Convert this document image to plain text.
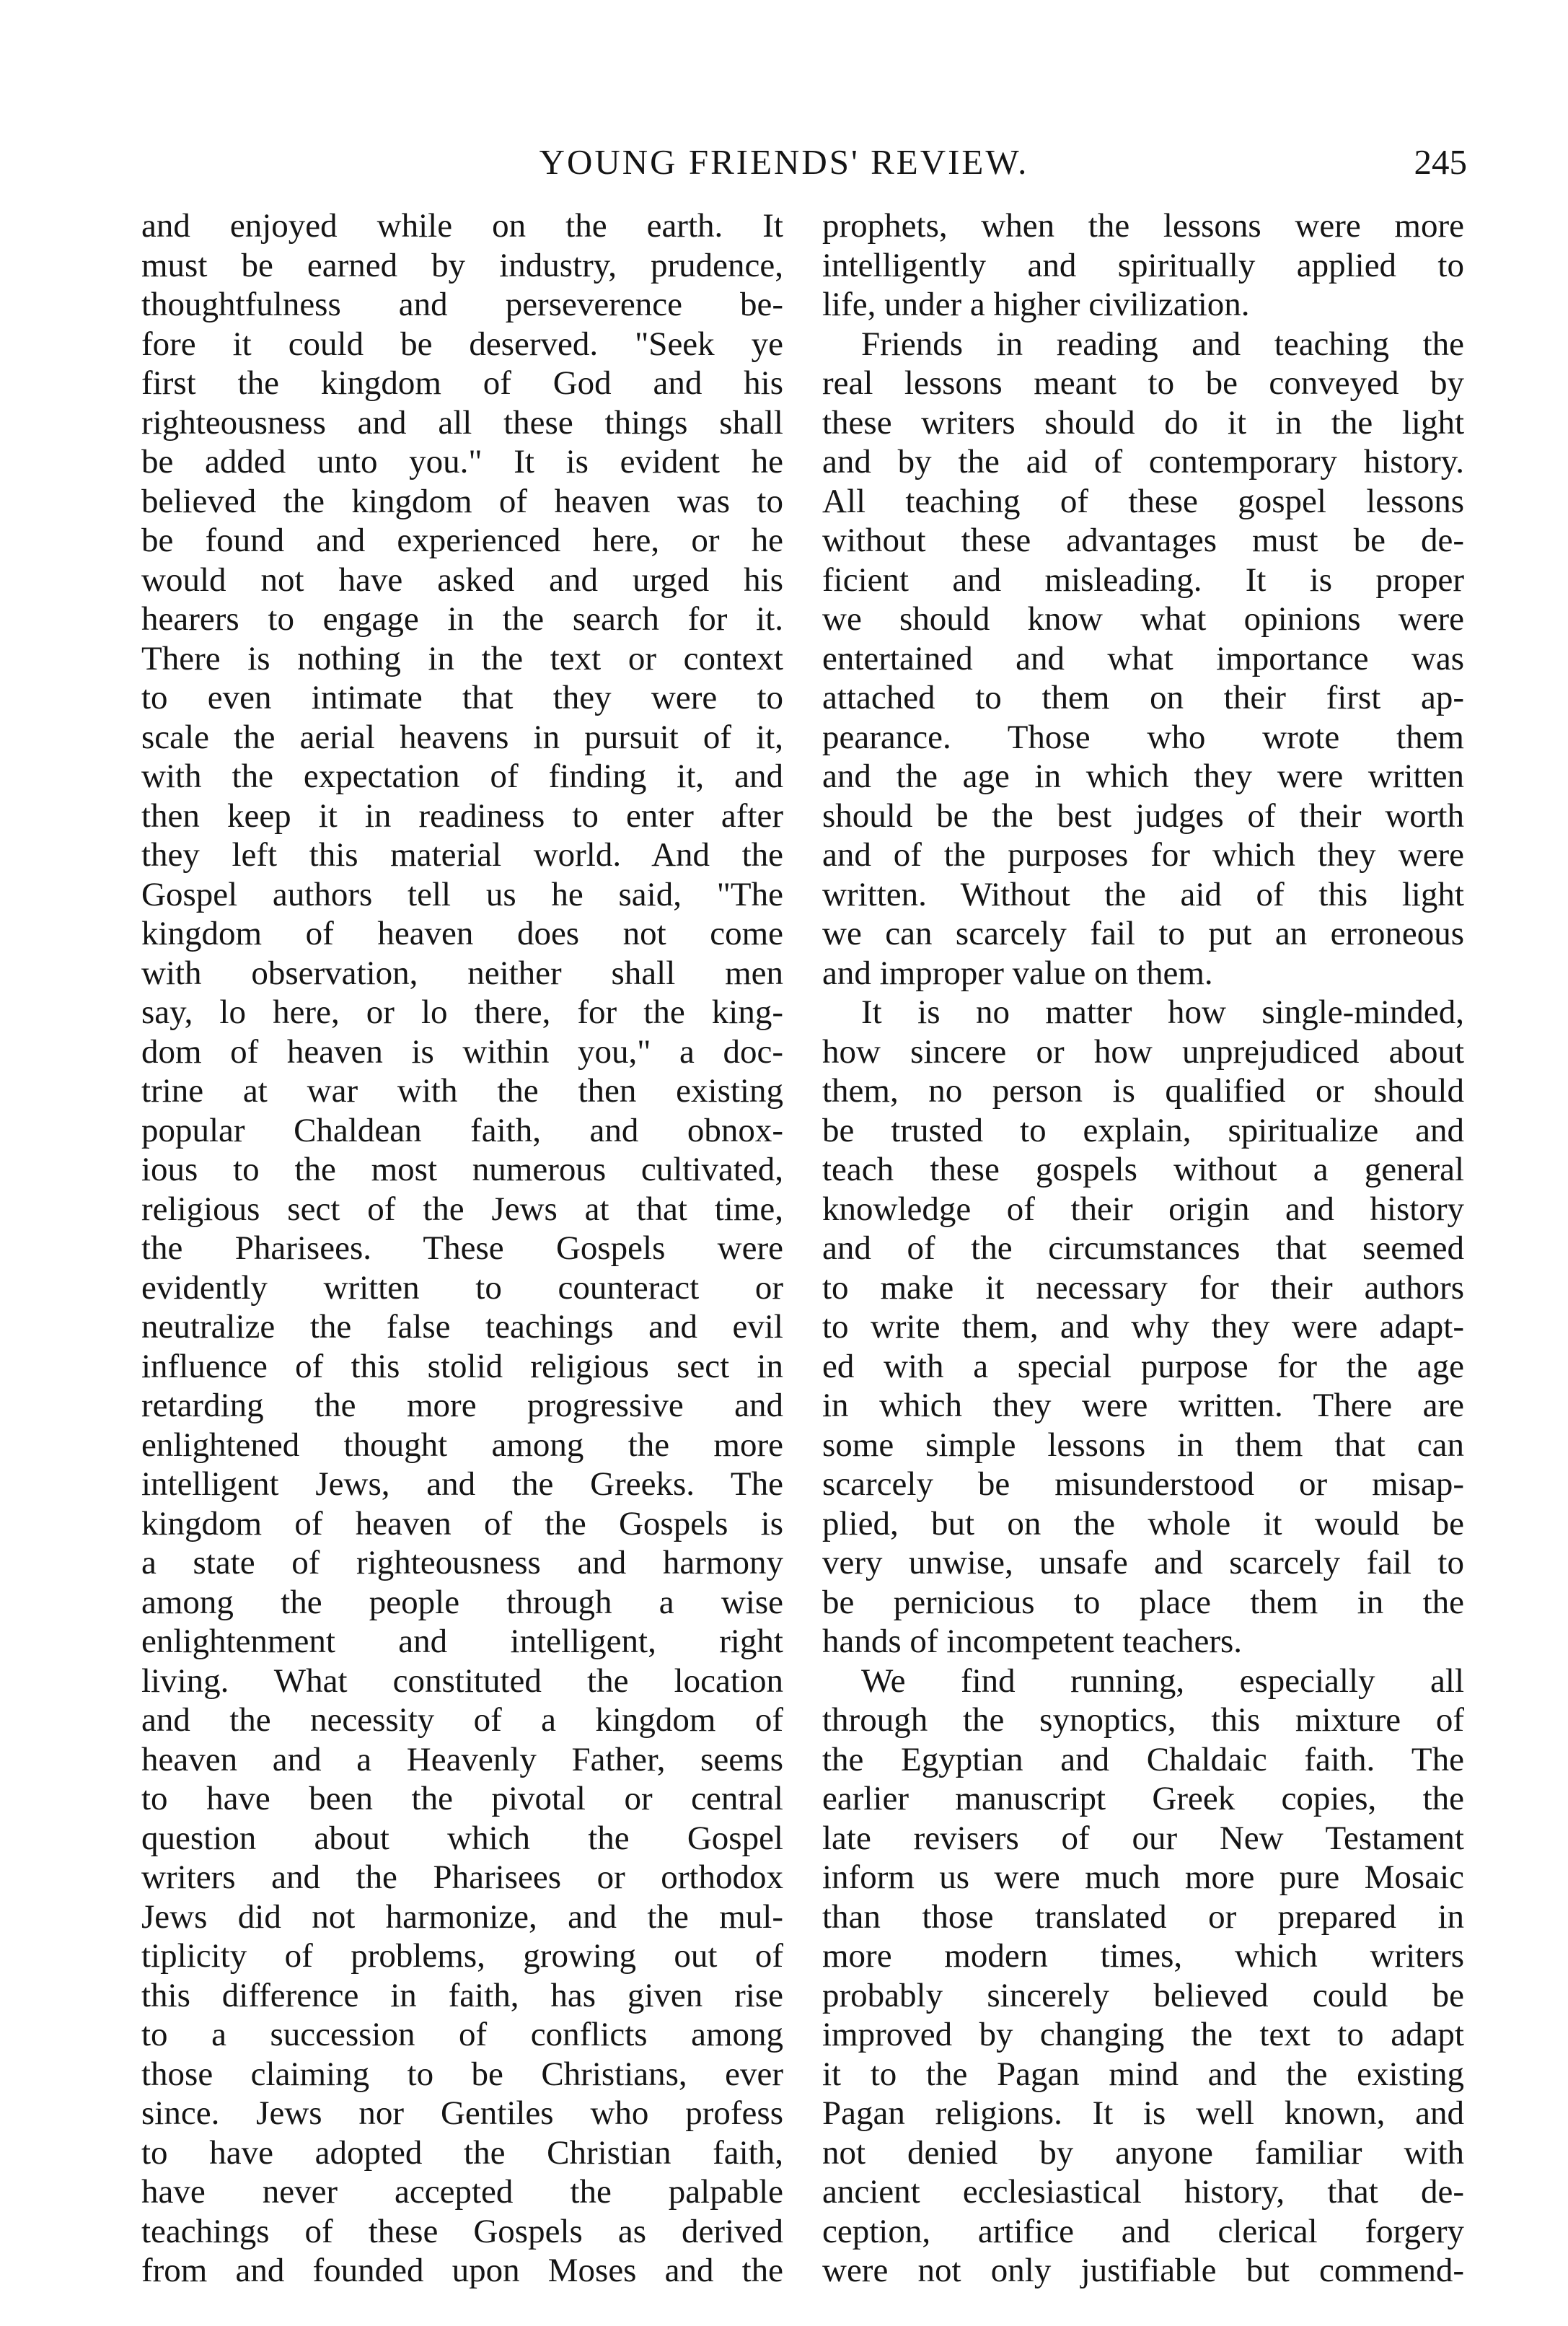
YOUNG FRIENDS' REVIEW.	245
and enjoyed while on the earth. It
must be earned by industry, prudence,
thoughtfulness and perseverence be-
fore it could be deserved. "Seek ye
first the kingdom of God and his
righteousness and all these things shall
be added unto you." It is evident he
believed the kingdom of heaven was to
be found and experienced here, or he
would not have asked and urged his
hearers to engage in the search for it.
There is nothing in the text or context
to even intimate that they were to
scale the aerial heavens in pursuit of it,
with the expectation of finding it, and
then keep it in readiness to enter after
they left this material world. And the
Gospel authors tell us he said, "The
kingdom of heaven does not come
with observation, neither shall men
say, lo here, or lo there, for the king-
dom of heaven is within you," a doc-
trine at war with the then existing
popular Chaldean faith, and obnox-
ious to the most numerous cultivated,
religious sect of the Jews at that time,
the Pharisees. These Gospels were
evidently written to counteract or
neutralize the false teachings and evil
influence of this stolid religious sect in
retarding the more progressive and
enlightened thought among the more
intelligent Jews, and the Greeks. The
kingdom of heaven of the Gospels is
a state of righteousness and harmony
among the people through a wise
enlightenment and intelligent, right
living. What constituted the location
and the necessity of a kingdom of
heaven and a Heavenly Father, seems
to have been the pivotal or central
question about which the Gospel
writers and the Pharisees or orthodox
Jews did not harmonize, and the mul-
tiplicity of problems, growing out of
this difference in faith, has given rise
to a succession of conflicts among
those claiming to be Christians, ever
since. Jews nor Gentiles who profess
to have adopted the Christian faith,
have never accepted the palpable
teachings of these Gospels as derived
from and founded upon Moses and the
prophets, when the lessons were more
intelligently and spiritually applied to
life, under a higher civilization.
Friends in reading and teaching the
real lessons meant to be conveyed by
these writers should do it in the light
and by the aid of contemporary history.
All teaching of these gospel lessons
without these advantages must be de-
ficient and misleading. It is proper
we should know what opinions were
entertained and what importance was
attached to them on their first ap-
pearance. Those who wrote them
and the age in which they were written
should be the best judges of their worth
and of the purposes for which they were
written. Without the aid of this light
we can scarcely fail to put an erroneous
and improper value on them.
It is no matter how single-minded,
how sincere or how unprejudiced about
them, no person is qualified or should
be trusted to explain, spiritualize and
teach these gospels without a general
knowledge of their origin and history
and of the circumstances that seemed
to make it necessary for their authors
to write them, and why they were adapt-
ed with a special purpose for the age
in which they were written. There are
some simple lessons in them that can
scarcely be misunderstood or misap-
plied, but on the whole it would be
very unwise, unsafe and scarcely fail to
be pernicious to place them in the
hands of incompetent teachers.
We find running, especially all
through the synoptics, this mixture of
the Egyptian and Chaldaic faith. The
earlier manuscript Greek copies, the
late revisers of our New Testament
inform us were much more pure Mosaic
than those translated or prepared in
more modern times, which writers
probably sincerely believed could be
improved by changing the text to adapt
it to the Pagan mind and the existing
Pagan religions. It is well known, and
not denied by anyone familiar with
ancient ecclesiastical history, that de-
ception, artifice and clerical forgery
were not only justifiable but commend-
